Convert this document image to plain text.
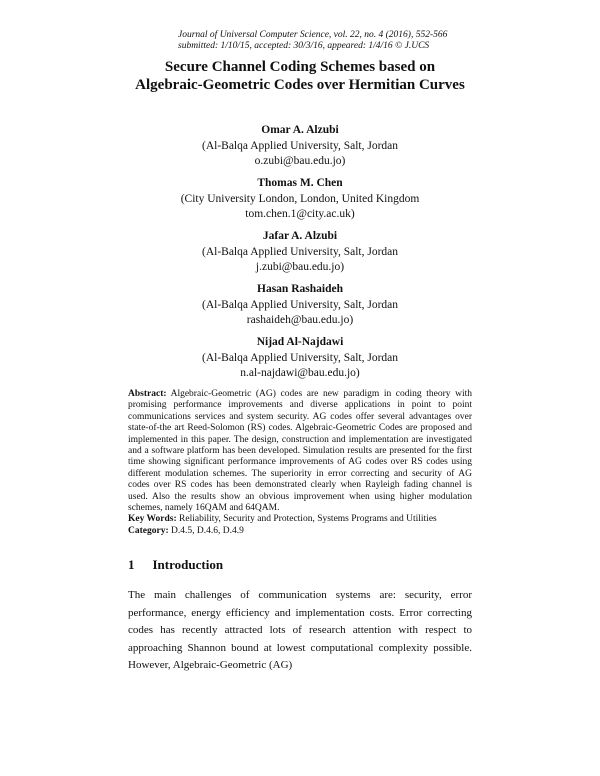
Journal of Universal Computer Science, vol. 22, no. 4 (2016), 552-566
submitted: 1/10/15, accepted: 30/3/16, appeared: 1/4/16 © J.UCS
Secure Channel Coding Schemes based on
Algebraic-Geometric Codes over Hermitian Curves
Omar A. Alzubi
(Al-Balqa Applied University, Salt, Jordan
o.zubi@bau.edu.jo)
Thomas M. Chen
(City University London, London, United Kingdom
tom.chen.1@city.ac.uk)
Jafar A. Alzubi
(Al-Balqa Applied University, Salt, Jordan
j.zubi@bau.edu.jo)
Hasan Rashaideh
(Al-Balqa Applied University, Salt, Jordan
rashaideh@bau.edu.jo)
Nijad Al-Najdawi
(Al-Balqa Applied University, Salt, Jordan
n.al-najdawi@bau.edu.jo)
Abstract: Algebraic-Geometric (AG) codes are new paradigm in coding theory with promising performance improvements and diverse applications in point to point communications services and system security. AG codes offer several advantages over state-of-the art Reed-Solomon (RS) codes. Algebraic-Geometric Codes are proposed and implemented in this paper. The design, construction and implementation are investigated and a software platform has been developed. Simulation results are presented for the first time showing significant performance improvements of AG codes over RS codes using different modulation schemes. The superiority in error correcting and security of AG codes over RS codes has been demonstrated clearly when Rayleigh fading channel is used. Also the results show an obvious improvement when using higher modulation schemes, namely 16QAM and 64QAM.
Key Words: Reliability, Security and Protection, Systems Programs and Utilities
Category: D.4.5, D.4.6, D.4.9
1 Introduction
The main challenges of communication systems are: security, error performance, energy efficiency and implementation costs. Error correcting codes has recently attracted lots of research attention with respect to approaching Shannon bound at lowest computational complexity possible. However, Algebraic-Geometric (AG)
